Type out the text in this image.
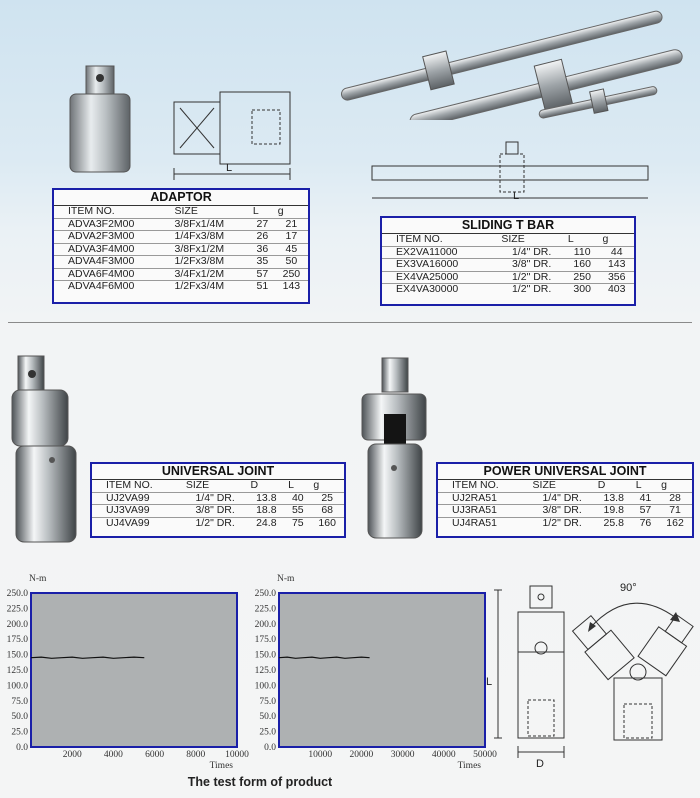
L
L
ADAPTOR
ITEM NO.	SIZE	L	g
ADVA3F2M00	3/8Fx1/4M	27	21
ADVA2F3M00	1/4Fx3/8M	26	17
ADVA3F4M00	3/8Fx1/2M	36	45
ADVA4F3M00	1/2Fx3/8M	35	50
ADVA6F4M00	3/4Fx1/2M	57	250
ADVA4F6M00	1/2Fx3/4M	51	143
SLIDING T BAR
ITEM NO.	SIZE	L	g
EX2VA11000	1/4" DR.	110	44
EX3VA16000	3/8" DR.	160	143
EX4VA25000	1/2" DR.	250	356
EX4VA30000	1/2" DR.	300	403
UNIVERSAL JOINT
ITEM NO.	SIZE	D	L	g
UJ2VA99	1/4" DR.	13.8	40	25
UJ3VA99	3/8" DR.	18.8	55	68
UJ4VA99	1/2" DR.	24.8	75	160
POWER UNIVERSAL JOINT
ITEM NO.	SIZE	D	L	g
UJ2RA51	1/4" DR.	13.8	41	28
UJ3RA51	3/8" DR.	19.8	57	71
UJ4RA51	1/2" DR.	25.8	76	162
N-m
0.0
25.0
50.0
75.0
100.0
125.0
150.0
175.0
200.0
225.0
250.0
2000 4000 6000 8000 10000
Times
N-m
0.0
25.0
50.0
75.0
100.0
125.0
150.0
175.0
200.0
225.0
250.0
10000 20000 30000 40000 50000
Times
L
D
90°
The test form of product
